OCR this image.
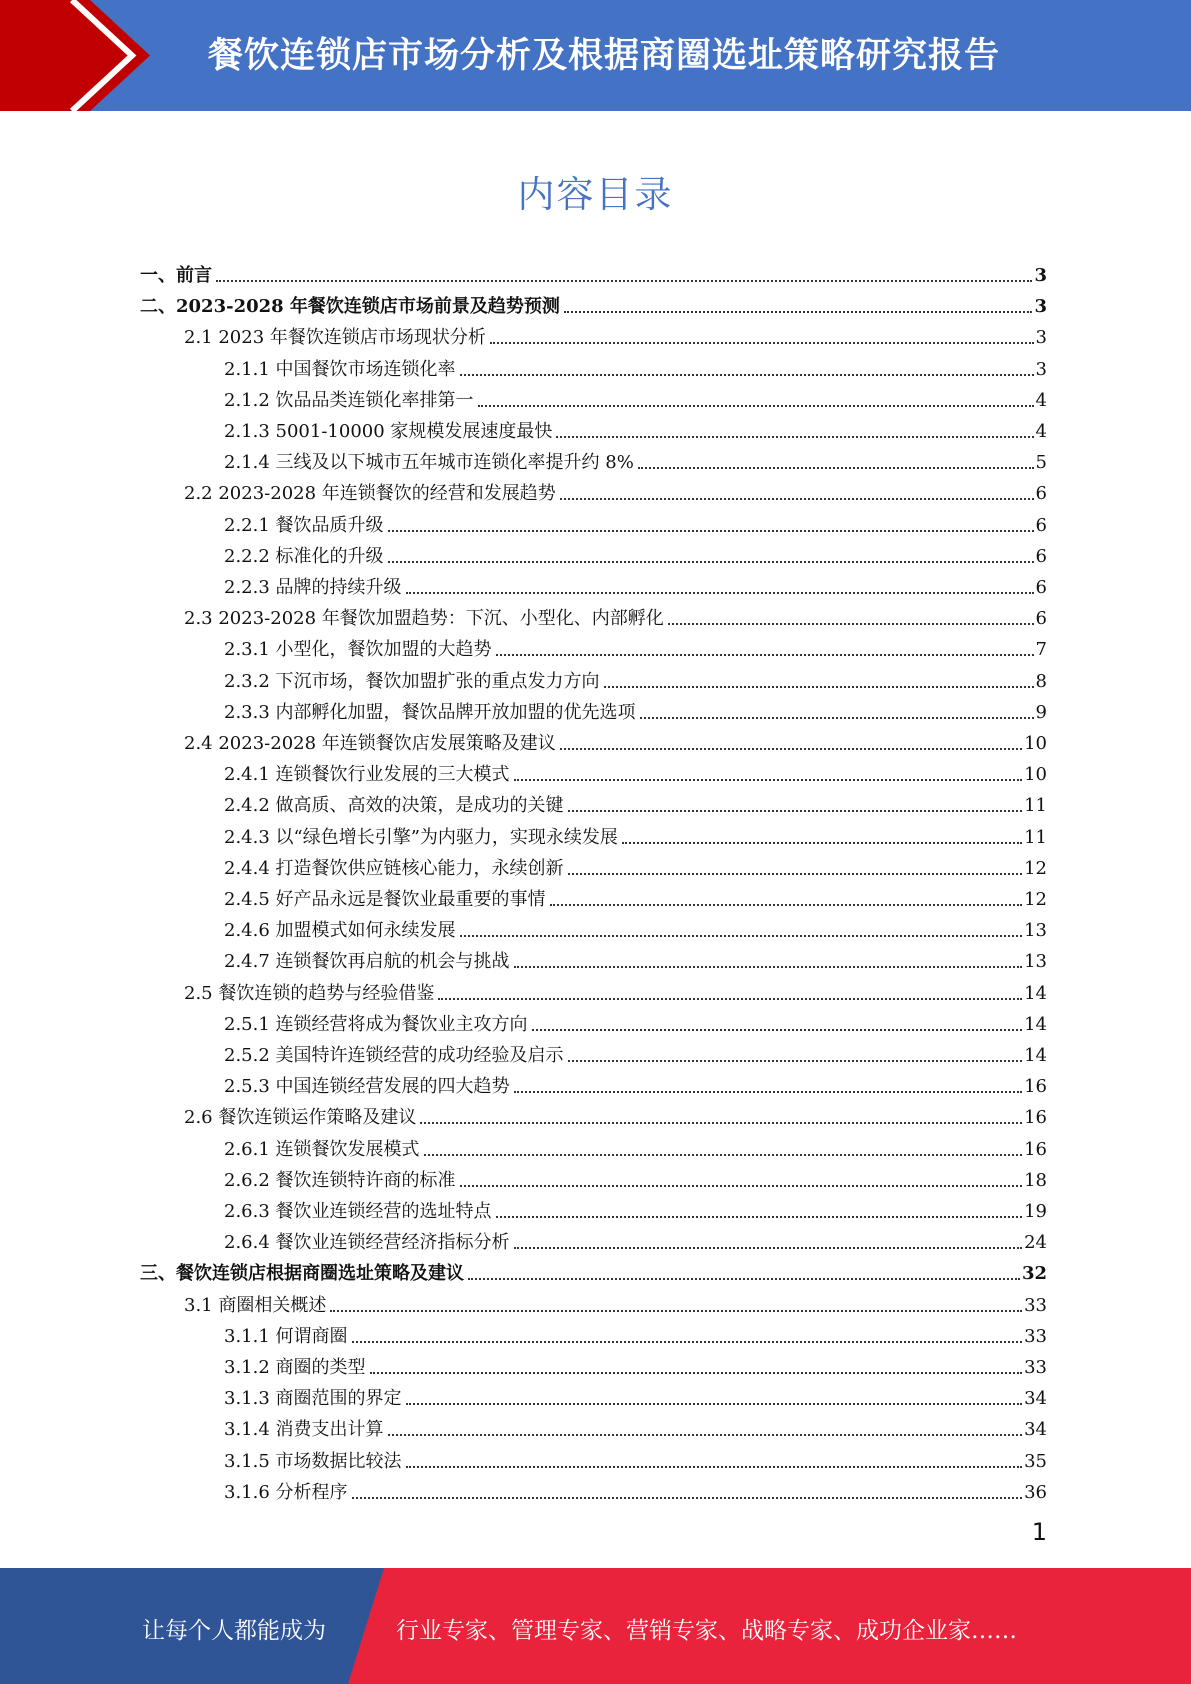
餐饮连锁店市场分析及根据商圈选址策略研究报告
内容目录
一、前言	3
二、2023-2028 年餐饮连锁店市场前景及趋势预测	3
2.1 2023 年餐饮连锁店市场现状分析	3
2.1.1 中国餐饮市场连锁化率	3
2.1.2 饮品品类连锁化率排第一	4
2.1.3 5001-10000 家规模发展速度最快	4
2.1.4 三线及以下城市五年城市连锁化率提升约 8%	5
2.2 2023-2028 年连锁餐饮的经营和发展趋势	6
2.2.1 餐饮品质升级	6
2.2.2 标准化的升级	6
2.2.3 品牌的持续升级	6
2.3 2023-2028 年餐饮加盟趋势：下沉、小型化、内部孵化	6
2.3.1 小型化，餐饮加盟的大趋势	7
2.3.2 下沉市场，餐饮加盟扩张的重点发力方向	8
2.3.3 内部孵化加盟，餐饮品牌开放加盟的优先选项	9
2.4 2023-2028 年连锁餐饮店发展策略及建议	10
2.4.1 连锁餐饮行业发展的三大模式	10
2.4.2 做高质、高效的决策，是成功的关键	11
2.4.3 以“绿色增长引擎”为内驱力，实现永续发展	11
2.4.4 打造餐饮供应链核心能力，永续创新	12
2.4.5 好产品永远是餐饮业最重要的事情	12
2.4.6 加盟模式如何永续发展	13
2.4.7 连锁餐饮再启航的机会与挑战	13
2.5 餐饮连锁的趋势与经验借鉴	14
2.5.1 连锁经营将成为餐饮业主攻方向	14
2.5.2 美国特许连锁经营的成功经验及启示	14
2.5.3 中国连锁经营发展的四大趋势	16
2.6 餐饮连锁运作策略及建议	16
2.6.1 连锁餐饮发展模式	16
2.6.2 餐饮连锁特许商的标准	18
2.6.3 餐饮业连锁经营的选址特点	19
2.6.4 餐饮业连锁经营经济指标分析	24
三、餐饮连锁店根据商圈选址策略及建议	32
3.1 商圈相关概述	33
3.1.1 何谓商圈	33
3.1.2 商圈的类型	33
3.1.3 商圈范围的界定	34
3.1.4 消费支出计算	34
3.1.5 市场数据比较法	35
3.1.6 分析程序	36
1
让每个人都能成为	行业专家、管理专家、营销专家、战略专家、成功企业家……
